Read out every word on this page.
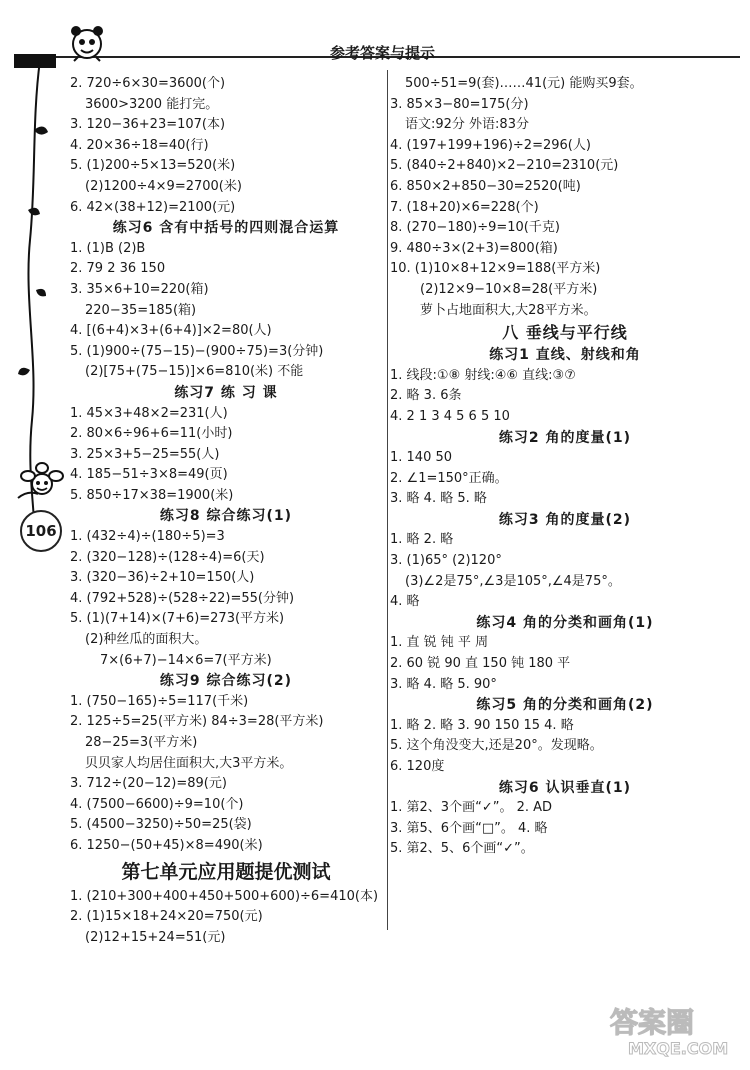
参考答案与提示
106
2. 720÷6×30=3600(个)
3600>3200 能打完。
3. 120−36+23=107(本)
4. 20×36÷18=40(行)
5. (1)200÷5×13=520(米)
(2)1200÷4×9=2700(米)
6. 42×(38+12)=2100(元)
练习6 含有中括号的四则混合运算
1. (1)B (2)B
2. 79 2 36 150
3. 35×6+10=220(箱)
220−35=185(箱)
4. [(6+4)×3+(6+4)]×2=80(人)
5. (1)900÷(75−15)−(900÷75)=3(分钟)
(2)[75+(75−15)]×6=810(米) 不能
练习7 练 习 课
1. 45×3+48×2=231(人)
2. 80×6÷96+6=11(小时)
3. 25×3+5−25=55(人)
4. 185−51÷3×8=49(页)
5. 850÷17×38=1900(米)
练习8 综合练习(1)
1. (432÷4)÷(180÷5)=3
2. (320−128)÷(128÷4)=6(天)
3. (320−36)÷2+10=150(人)
4. (792+528)÷(528÷22)=55(分钟)
5. (1)(7+14)×(7+6)=273(平方米)
(2)种丝瓜的面积大。
7×(6+7)−14×6=7(平方米)
练习9 综合练习(2)
1. (750−165)÷5=117(千米)
2. 125÷5=25(平方米) 84÷3=28(平方米)
28−25=3(平方米)
贝贝家人均居住面积大,大3平方米。
3. 712÷(20−12)=89(元)
4. (7500−6600)÷9=10(个)
5. (4500−3250)÷50=25(袋)
6. 1250−(50+45)×8=490(米)
第七单元应用题提优测试
1. (210+300+400+450+500+600)÷6=410(本)
2. (1)15×18+24×20=750(元)
(2)12+15+24=51(元)
500÷51=9(套)……41(元) 能购买9套。
3. 85×3−80=175(分)
语文:92分 外语:83分
4. (197+199+196)÷2=296(人)
5. (840÷2+840)×2−210=2310(元)
6. 850×2+850−30=2520(吨)
7. (18+20)×6=228(个)
8. (270−180)÷9=10(千克)
9. 480÷3×(2+3)=800(箱)
10. (1)10×8+12×9=188(平方米)
(2)12×9−10×8=28(平方米)
萝卜占地面积大,大28平方米。
八 垂线与平行线
练习1 直线、射线和角
1. 线段:①⑧ 射线:④⑥ 直线:③⑦
2. 略 3. 6条
4. 2 1 3 4 5 6 5 10
练习2 角的度量(1)
1. 140 50
2. ∠1=150°正确。
3. 略 4. 略 5. 略
练习3 角的度量(2)
1. 略 2. 略
3. (1)65° (2)120°
(3)∠2是75°,∠3是105°,∠4是75°。
4. 略
练习4 角的分类和画角(1)
1. 直 锐 钝 平 周
2. 60 锐 90 直 150 钝 180 平
3. 略 4. 略 5. 90°
练习5 角的分类和画角(2)
1. 略 2. 略 3. 90 150 15 4. 略
5. 这个角没变大,还是20°。发现略。
6. 120度
练习6 认识垂直(1)
1. 第2、3个画“✓”。 2. AD
3. 第5、6个画“□”。 4. 略
5. 第2、5、6个画“✓”。
答案圈
MXQE.COM
